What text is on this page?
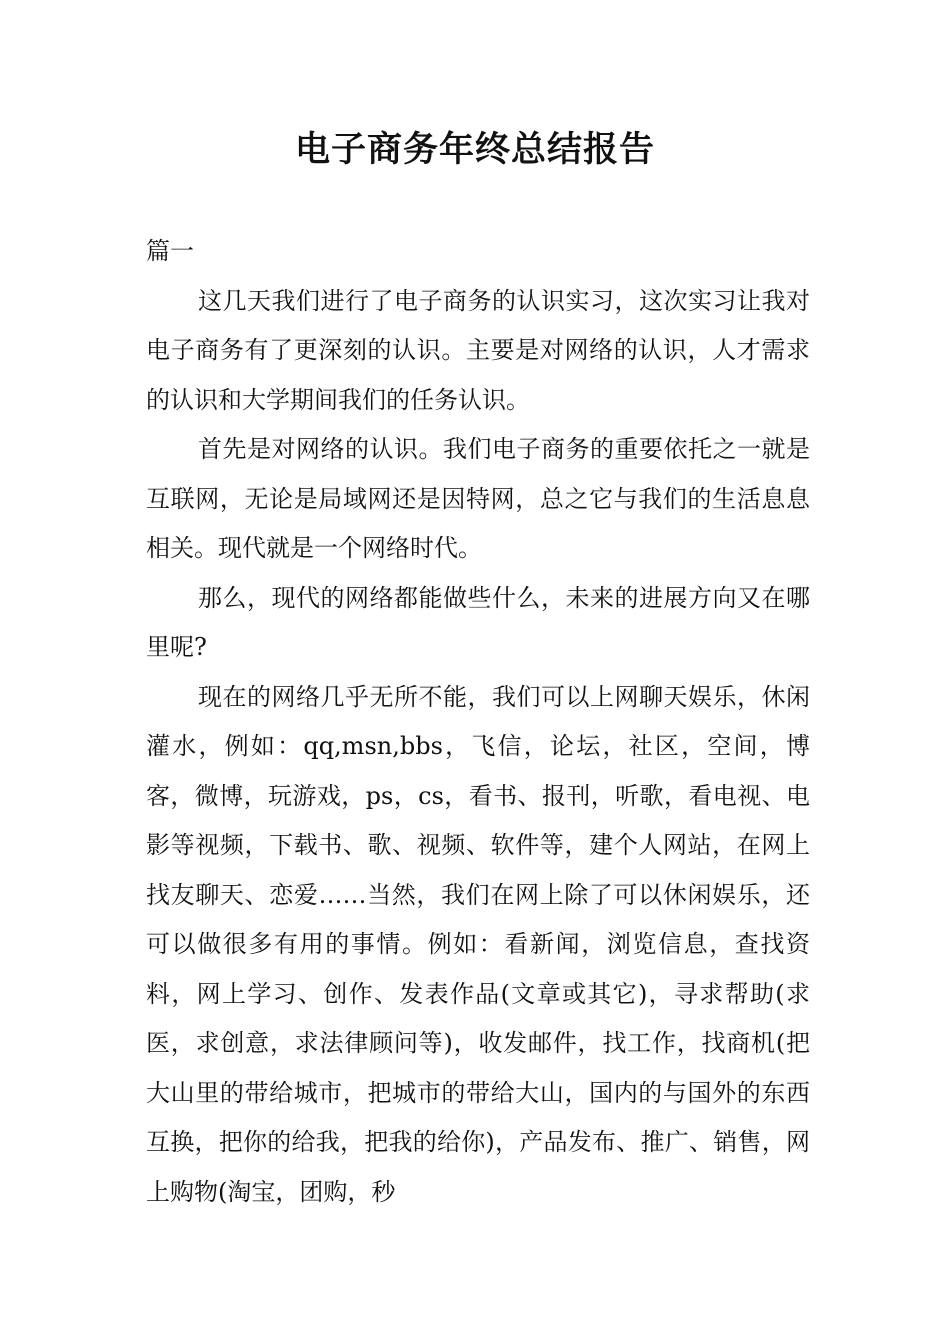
电子商务年终总结报告

篇一

这几天我们进行了电子商务的认识实习，这次实习让我对电子商务有了更深刻的认识。主要是对网络的认识，人才需求的认识和大学期间我们的任务认识。

首先是对网络的认识。我们电子商务的重要依托之一就是互联网，无论是局域网还是因特网，总之它与我们的生活息息相关。现代就是一个网络时代。

那么，现代的网络都能做些什么，未来的进展方向又在哪里呢?

现在的网络几乎无所不能，我们可以上网聊天娱乐，休闲灌水，例如：qq,msn,bbs，飞信，论坛，社区，空间，博客，微博，玩游戏，ps，cs，看书、报刊，听歌，看电视、电影等视频，下载书、歌、视频、软件等，建个人网站，在网上找友聊天、恋爱……当然，我们在网上除了可以休闲娱乐，还可以做很多有用的事情。例如：看新闻，浏览信息，查找资料，网上学习、创作、发表作品(文章或其它)，寻求帮助(求医，求创意，求法律顾问等)，收发邮件，找工作，找商机(把大山里的带给城市，把城市的带给大山，国内的与国外的东西互换，把你的给我，把我的给你)，产品发布、推广、销售，网上购物(淘宝，团购，秒
